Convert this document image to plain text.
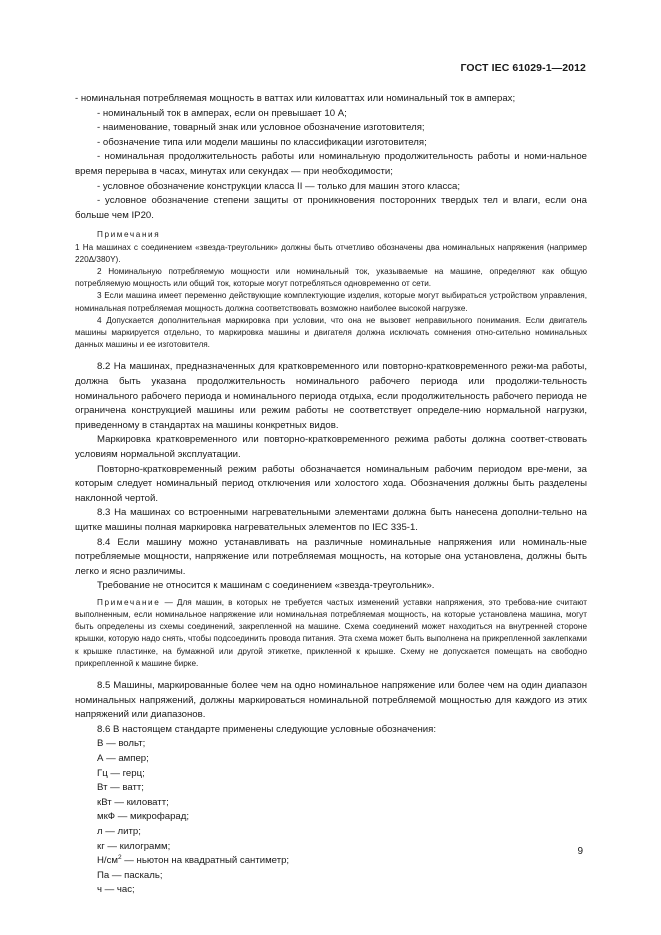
ГОСТ IEC 61029-1—2012

- номинальная потребляемая мощность в ваттах или киловаттах или номинальный ток в амперах;

- номинальный ток в амперах, если он превышает 10 А;

- наименование, товарный знак или условное обозначение изготовителя;

- обозначение типа или модели машины по классификации изготовителя;

- номинальная продолжительность работы или номинальную продолжительность работы и номи-нальное время перерыва в часах, минутах или секундах — при необходимости;

- условное обозначение конструкции класса II — только для машин этого класса;

- условное обозначение степени защиты от проникновения посторонних твердых тел и влаги, если она больше чем IP20.

Примечания

1 На машинах с соединением «звезда-треугольник» должны быть отчетливо обозначены два номинальных напряжения (например 220Δ/380Y).

2 Номинальную потребляемую мощности или номинальный ток, указываемые на машине, определяют как общую потребляемую мощность или общий ток, которые могут потребляться одновременно от сети.

3 Если машина имеет переменно действующие комплектующие изделия, которые могут выбираться устройством управления, номинальная потребляемая мощность должна соответствовать возможно наиболее высокой нагрузке.

4 Допускается дополнительная маркировка при условии, что она не вызовет неправильного понимания. Если двигатель машины маркируется отдельно, то маркировка машины и двигателя должна исключать сомнения отно-сительно номинальных данных машины и ее изготовителя.

8.2 На машинах, предназначенных для кратковременного или повторно-кратковременного режи-ма работы, должна быть указана продолжительность номинального рабочего периода или продолжи-тельность номинального рабочего периода и номинального периода отдыха, если продолжительность рабочего периода не ограничена конструкцией машины или режим работы не соответствует определе-нию нормальной нагрузки, приведенному в стандартах на машины конкретных видов.

Маркировка кратковременного или повторно-кратковременного режима работы должна соответ-ствовать условиям нормальной эксплуатации.

Повторно-кратковременный режим работы обозначается номинальным рабочим периодом вре-мени, за которым следует номинальный период отключения или холостого хода. Обозначения должны быть разделены наклонной чертой.

8.3 На машинах со встроенными нагревательными элементами должна быть нанесена дополни-тельно на щитке машины полная маркировка нагревательных элементов по IEC 335-1.

8.4 Если машину можно устанавливать на различные номинальные напряжения или номиналь-ные потребляемые мощности, напряжение или потребляемая мощность, на которые она установлена, должны быть легко и ясно различимы.

Требование не относится к машинам с соединением «звезда-треугольник».

Примечание — Для машин, в которых не требуется частых изменений уставки напряжения, это требова-ние считают выполненным, если номинальное напряжение или номинальная потребляемая мощность, на которые установлена машина, могут быть определены из схемы соединений, закрепленной на машине. Схема соединений может находиться на внутренней стороне крышки, которую надо снять, чтобы подсоединить провода питания. Эта схема может быть выполнена на прикрепленной заклепками к крышке пластинке, на бумажной или другой этикетке, прикленной к крышке. Схему не допускается помещать на свободно прикрепленной к машине бирке.

8.5 Машины, маркированные более чем на одно номинальное напряжение или более чем на один диапазон номинальных напряжений, должны маркироваться номинальной потребляемой мощностью для каждого из этих напряжений или диапазонов.

8.6 В настоящем стандарте применены следующие условные обозначения:

В — вольт;

А — ампер;

Гц — герц;

Вт — ватт;

кВт — киловатт;

мкФ — микрофарад;

л — литр;

кг — килограмм;

$Н/см^2$ — ньютон на квадратный сантиметр;

Па — паскаль;

ч — час;

9
